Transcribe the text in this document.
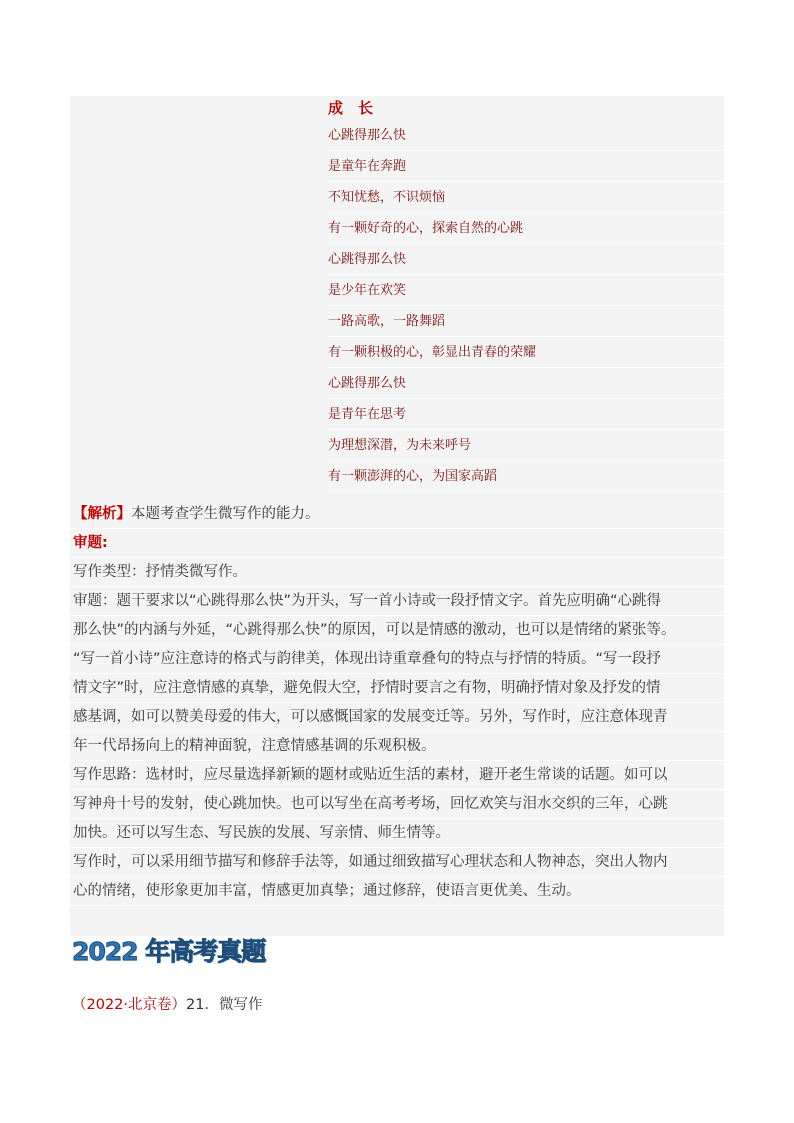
成　长
心跳得那么快
是童年在奔跑
不知忧愁，不识烦恼
有一颗好奇的心，探索自然的心跳
心跳得那么快
是少年在欢笑
一路高歌，一路舞蹈
有一颗积极的心，彰显出青春的荣耀
心跳得那么快
是青年在思考
为理想深潜，为未来呼号
有一颗澎湃的心，为国家高蹈
【解析】本题考查学生微写作的能力。
审题:
写作类型：抒情类微写作。
审题：题干要求以“心跳得那么快”为开头，写一首小诗或一段抒情文字。首先应明确“心跳得
那么快”的内涵与外延，“心跳得那么快”的原因，可以是情感的激动，也可以是情绪的紧张等。
“写一首小诗”应注意诗的格式与韵律美，体现出诗重章叠句的特点与抒情的特质。“写一段抒
情文字”时，应注意情感的真挚，避免假大空，抒情时要言之有物，明确抒情对象及抒发的情
感基调，如可以赞美母爱的伟大，可以感慨国家的发展变迁等。另外，写作时，应注意体现青
年一代昂扬向上的精神面貌，注意情感基调的乐观积极。
写作思路：选材时，应尽量选择新颖的题材或贴近生活的素材，避开老生常谈的话题。如可以
写神舟十号的发射，使心跳加快。也可以写坐在高考考场，回忆欢笑与泪水交织的三年，心跳
加快。还可以写生态、写民族的发展、写亲情、师生情等。
写作时，可以采用细节描写和修辞手法等，如通过细致描写心理状态和人物神态，突出人物内
心的情绪，使形象更加丰富，情感更加真挚；通过修辞，使语言更优美、生动。
2022 年高考真题
（2022·北京卷）21．微写作
